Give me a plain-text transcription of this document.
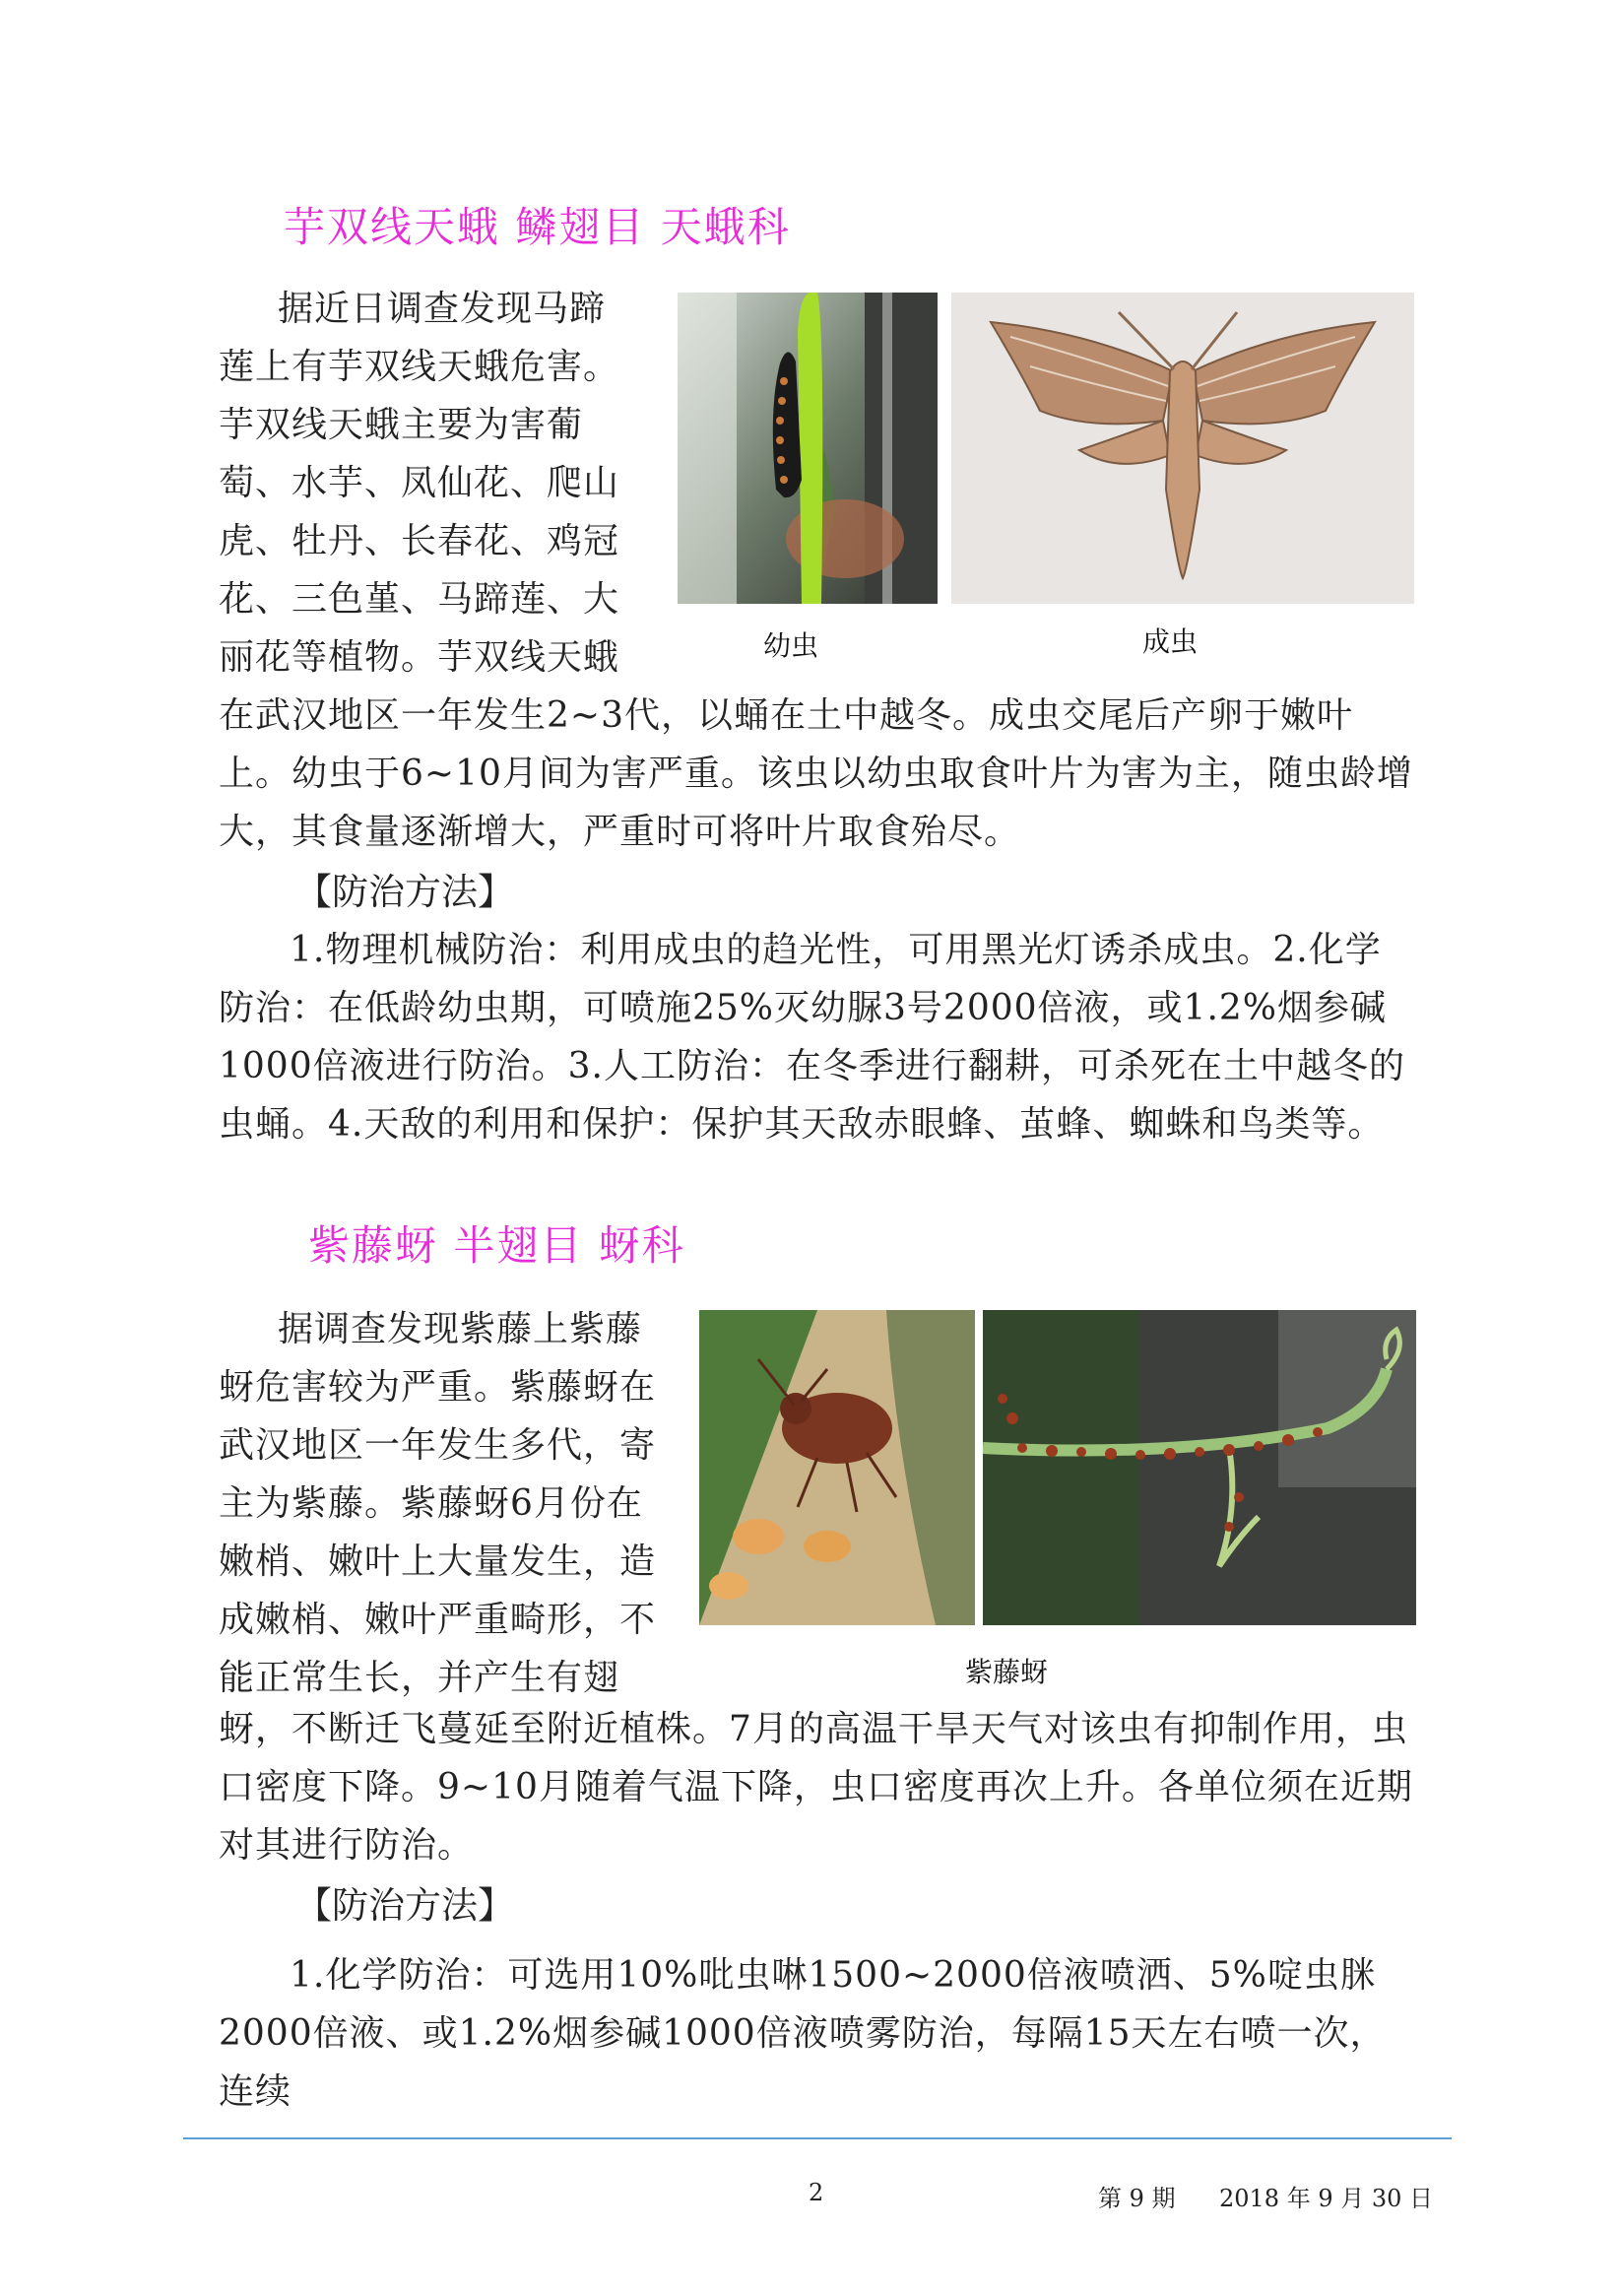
芋双线天蛾 鳞翅目 天蛾科
据近日调查发现马蹄
莲上有芋双线天蛾危害。
芋双线天蛾主要为害葡
萄、水芋、凤仙花、爬山
虎、牡丹、长春花、鸡冠
花、三色堇、马蹄莲、大
丽花等植物。芋双线天蛾	幼虫	成虫

在武汉地区一年发生2~3代，以蛹在土中越冬。成虫交尾后产卵于嫩叶上。幼虫于6~10月间为害严重。该虫以幼虫取食叶片为害为主，随虫龄增大，其食量逐渐增大，严重时可将叶片取食殆尽。

【防治方法】

1.物理机械防治：利用成虫的趋光性，可用黑光灯诱杀成虫。2.化学防治：在低龄幼虫期，可喷施25%灭幼脲3号2000倍液，或1.2%烟参碱1000倍液进行防治。3.人工防治：在冬季进行翻耕，可杀死在土中越冬的虫蛹。4.天敌的利用和保护：保护其天敌赤眼蜂、茧蜂、蜘蛛和鸟类等。

紫藤蚜 半翅目 蚜科
据调查发现紫藤上紫藤
蚜危害较为严重。紫藤蚜在
武汉地区一年发生多代，寄
主为紫藤。紫藤蚜6月份在
嫩梢、嫩叶上大量发生，造
成嫩梢、嫩叶严重畸形，不
能正常生长，并产生有翅	紫藤蚜

蚜，不断迁飞蔓延至附近植株。7月的高温干旱天气对该虫有抑制作用，虫口密度下降。9~10月随着气温下降，虫口密度再次上升。各单位须在近期对其进行防治。

【防治方法】

1.化学防治：可选用10%吡虫啉1500~2000倍液喷洒、5%啶虫脒2000倍液、或1.2%烟参碱1000倍液喷雾防治，每隔15天左右喷一次，连续

2	第 9 期 2018 年 9 月 30 日
